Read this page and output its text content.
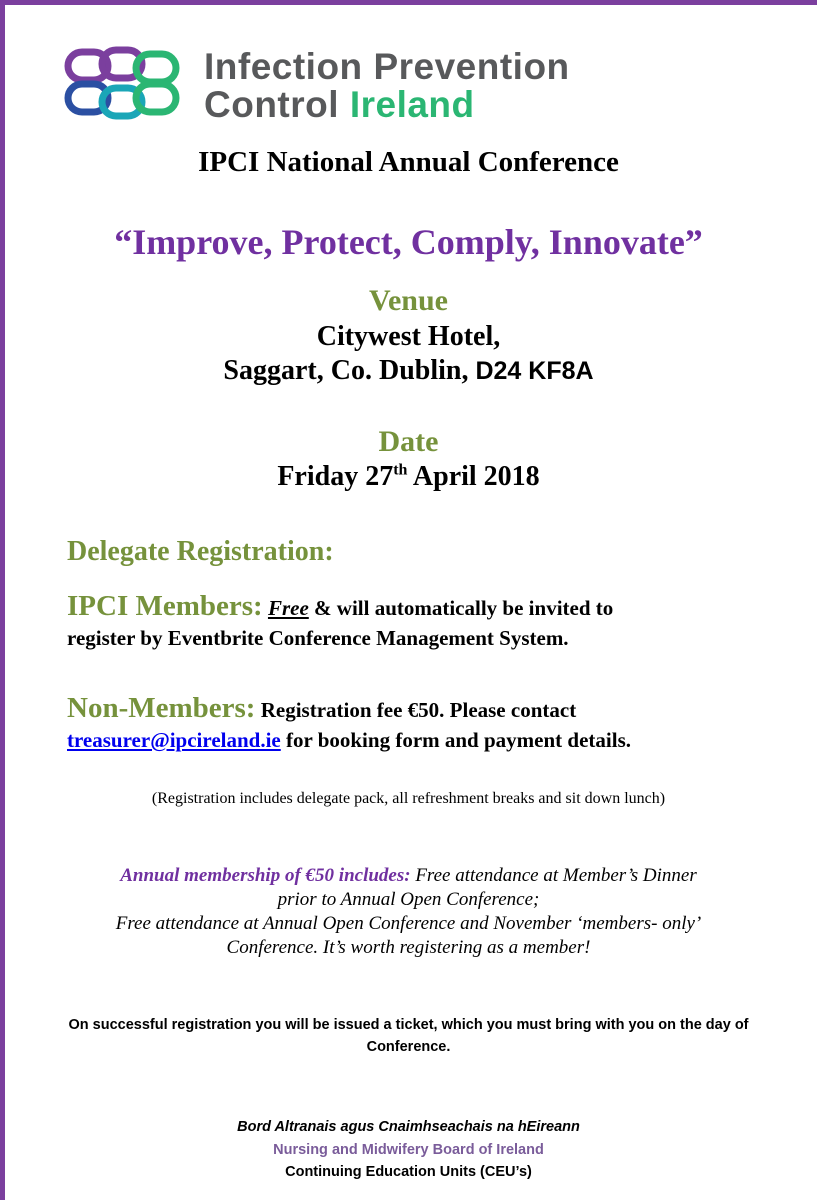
Infection Prevention
Control Ireland
IPCI National Annual Conference
“Improve, Protect, Comply, Innovate”
Venue
Citywest Hotel,
Saggart, Co. Dublin, D24 KF8A
Date
Friday 27th April 2018
Delegate Registration:
IPCI Members: Free & will automatically be invited to
register by Eventbrite Conference Management System.
Non-Members: Registration fee €50. Please contact
treasurer@ipcireland.ie for booking form and payment details.
(Registration includes delegate pack, all refreshment breaks and sit down lunch)
Annual membership of €50 includes: Free attendance at Member’s Dinner
prior to Annual Open Conference;
Free attendance at Annual Open Conference and November ‘members- only’
Conference. It’s worth registering as a member!
On successful registration you will be issued a ticket, which you must bring with you on the day of Conference.
Bord Altranais agus Cnaimhseachais na hEireann
Nursing and Midwifery Board of Ireland
Continuing Education Units (CEU’s)
